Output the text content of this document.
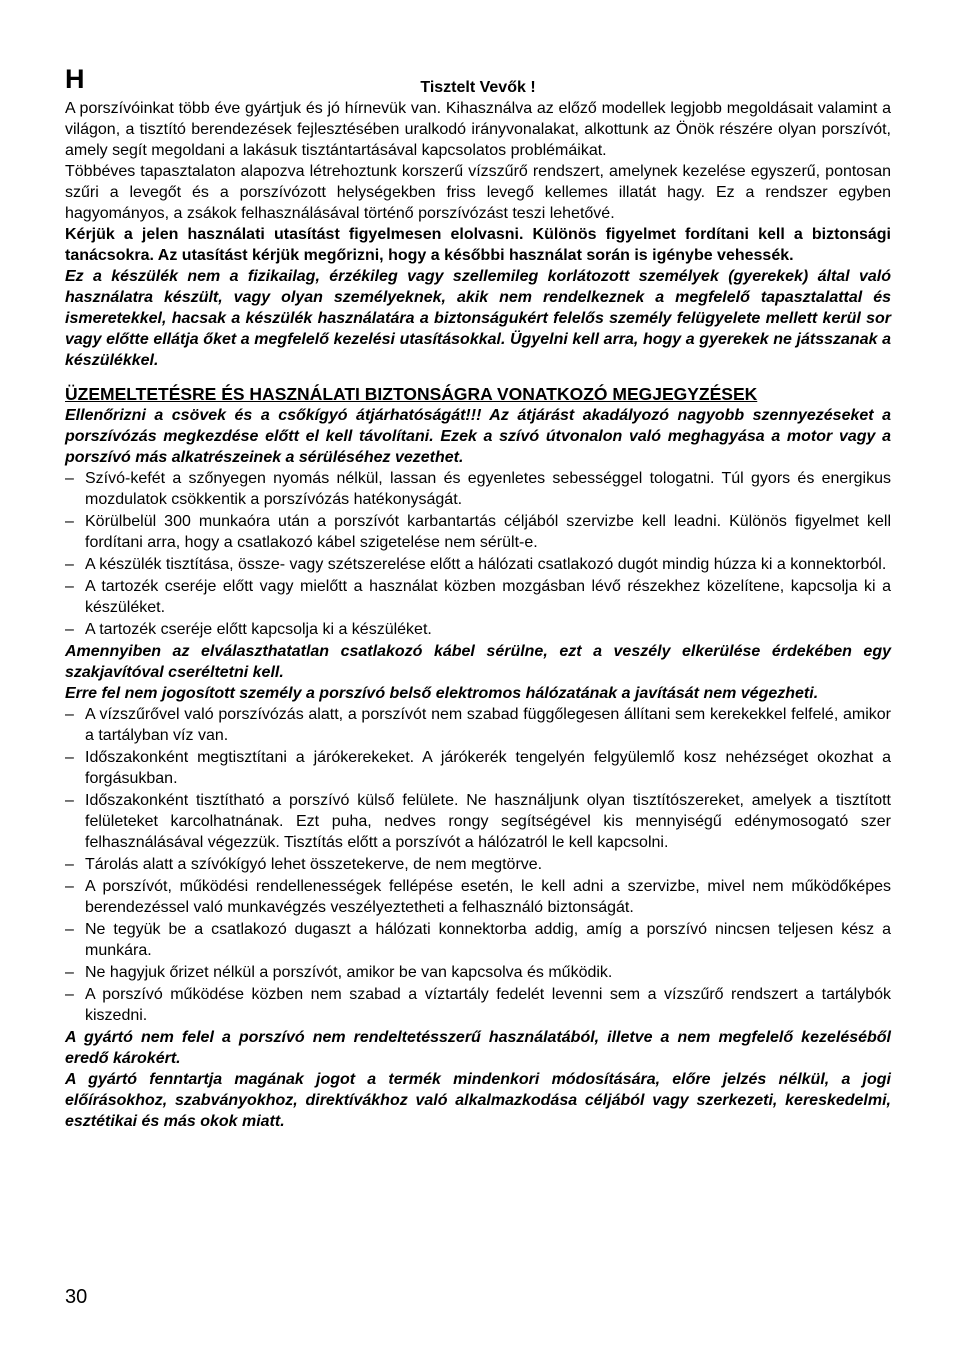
H	Tisztelt Vevők !

A porszívóinkat több éve gyártjuk és jó hírnevük van. Kihasználva az előző modellek legjobb megoldásait valamint a világon, a tisztító berendezések fejlesztésében uralkodó irányvonalakat, alkottunk az Önök részére olyan porszívót, amely segít megoldani a lakásuk tisztántartásával kapcsolatos problémáikat.

Többéves tapasztalaton alapozva létrehoztunk korszerű vízszűrő rendszert, amelynek kezelése egyszerű, pontosan szűri a levegőt és a porszívózott helységekben friss levegő kellemes illatát hagy. Ez a rendszer egyben hagyományos, a zsákok felhasználásával történő porszívózást teszi lehetővé.

Kérjük a jelen használati utasítást figyelmesen elolvasni. Különös figyelmet fordítani kell a biztonsági tanácsokra. Az utasítást kérjük megőrizni, hogy a későbbi használat során is igénybe vehessék.

Ez a készülék nem a fizikailag, érzékileg vagy szellemileg korlátozott személyek (gyerekek) által való használatra készült, vagy olyan személyeknek, akik nem rendelkeznek a megfelelő tapasztalattal és ismeretekkel, hacsak a készülék használatára a biztonságukért felelős személy felügyelete mellett kerül sor vagy előtte ellátja őket a megfelelő kezelési utasításokkal. Ügyelni kell arra, hogy a gyerekek ne játsszanak a készülékkel.

ÜZEMELTETÉSRE ÉS HASZNÁLATI BIZTONSÁGRA VONATKOZÓ MEGJEGYZÉSEK

Ellenőrizni a csövek és a csőkígyó átjárhatóságát!!! Az átjárást akadályozó nagyobb szennyezéseket a porszívózás megkezdése előtt el kell távolítani. Ezek a szívó útvonalon való meghagyása a motor vagy a porszívó más alkatrészeinek a sérüléséhez vezethet.

– Szívó-kefét a szőnyegen nyomás nélkül, lassan és egyenletes sebességgel tologatni. Túl gyors és energikus mozdulatok csökkentik a porszívózás hatékonyságát.
– Körülbelül 300 munkaóra után a porszívót karbantartás céljából szervizbe kell leadni. Különös figyelmet kell fordítani arra, hogy a csatlakozó kábel szigetelése nem sérült-e.
– A készülék tisztítása, össze- vagy szétszerelése előtt a hálózati csatlakozó dugót mindig húzza ki a konnektorból.
– A tartozék cseréje előtt vagy mielőtt a használat közben mozgásban lévő részekhez közelítene, kapcsolja ki a készüléket.
– A tartozék cseréje előtt kapcsolja ki a készüléket.

Amennyiben az elválaszthatatlan csatlakozó kábel sérülne, ezt a veszély elkerülése érdekében egy szakjavítóval cseréltetni kell.

Erre fel nem jogosított személy a porszívó belső elektromos hálózatának a javítását nem végezheti.

– A vízszűrővel való porszívózás alatt, a porszívót nem szabad függőlegesen állítani sem kerekekkel felfelé, amikor a tartályban víz van.
– Időszakonként megtisztítani a járókerekeket. A járókerék tengelyén felgyülemlő kosz nehézséget okozhat a forgásukban.
– Időszakonként tisztítható a porszívó külső felülete. Ne használjunk olyan tisztítószereket, amelyek a tisztított felületeket karcolhatnának. Ezt puha, nedves rongy segítségével kis mennyiségű edénymosogató szer felhasználásával végezzük. Tisztítás előtt a porszívót a hálózatról le kell kapcsolni.
– Tárolás alatt a szívókígyó lehet összetekerve, de nem megtörve.
– A porszívót, működési rendellenességek fellépése esetén, le kell adni a szervizbe, mivel nem működőképes berendezéssel való munkavégzés veszélyeztetheti a felhasználó biztonságát.
– Ne tegyük be a csatlakozó dugaszt a hálózati konnektorba addig, amíg a porszívó nincsen teljesen kész a munkára.
– Ne hagyjuk őrizet nélkül a porszívót, amikor be van kapcsolva és működik.
– A porszívó működése közben nem szabad a víztartály fedelét levenni sem a vízszűrő rendszert a tartálybók kiszedni.

A gyártó nem felel a porszívó nem rendeltetésszerű használatából, illetve a nem megfelelő kezeléséből eredő károkért.

A gyártó fenntartja magának jogot a termék mindenkori módosítására, előre jelzés nélkül, a jogi előírásokhoz, szabványokhoz, direktívákhoz való alkalmazkodása céljából vagy szerkezeti, kereskedelmi, esztétikai és más okok miatt.

30
